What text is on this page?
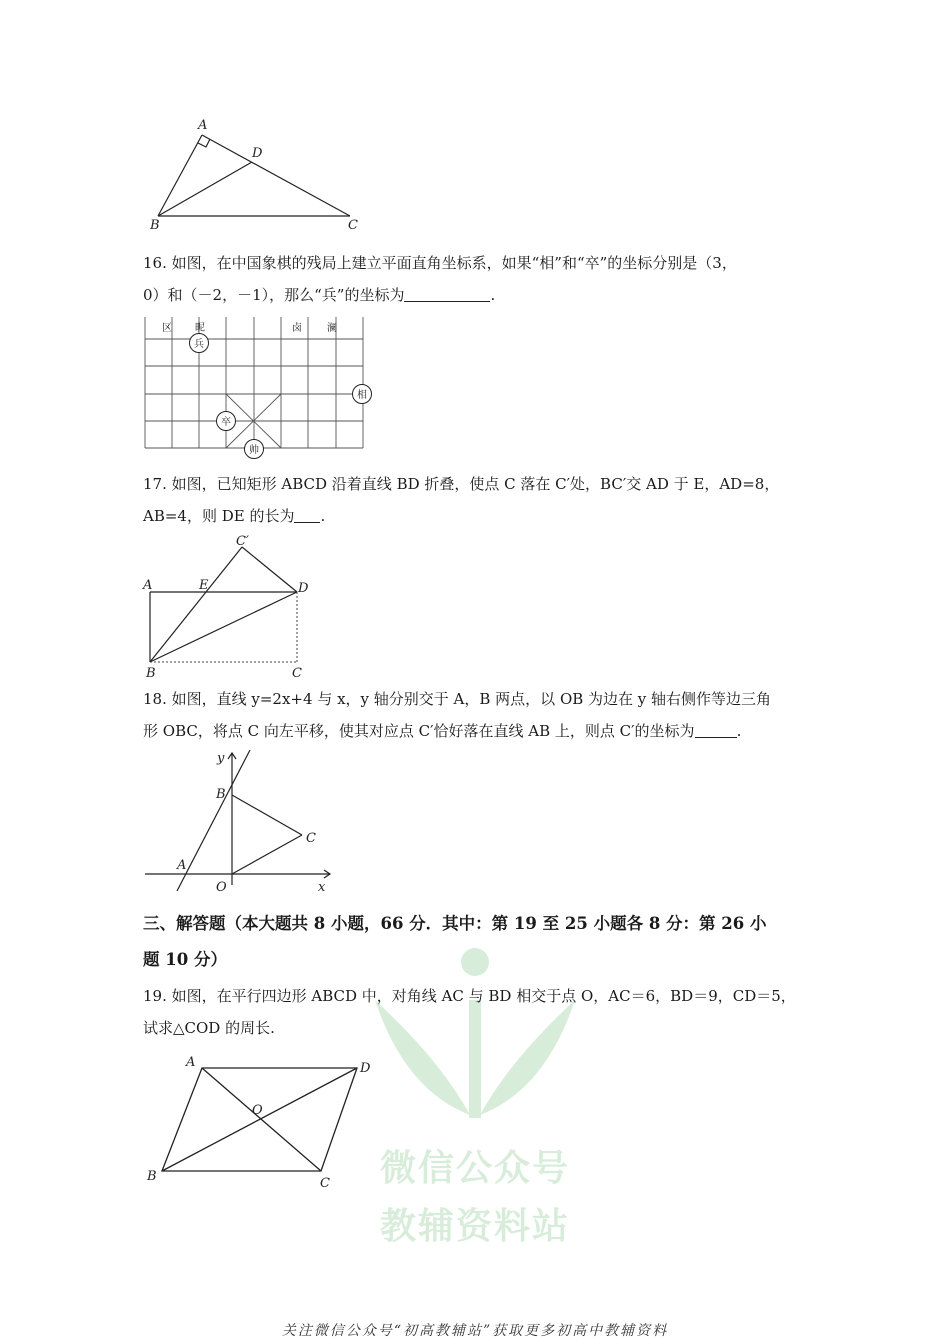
微信公众号
教辅资料站
A
D
B	C
16. 如图，在中国象棋的残局上建立平面直角坐标系，如果“相”和“卒”的坐标分别是（3，
0）和（－2，－1），那么“兵”的坐标为	.
区 昵	卤	澜
兵
相
卒
帅
17. 如图，已知矩形 ABCD 沿着直线 BD 折叠，使点 C 落在 C′处，BC′交 AD 于 E，AD=8，
AB=4，则 DE 的长为 .
C′
A	E	D
B	C
18. 如图，直线 y=2x+4 与 x，y 轴分别交于 A，B 两点，以 OB 为边在 y 轴右侧作等边三角
形 OBC，将点 C 向左平移，使其对应点 C′恰好落在直线 AB 上，则点 C′的坐标为	.
y
B
C
A
O	x
三、解答题（本大题共 8 小题，66 分．其中：第 19 至 25 小题各 8 分：第 26 小
题 10 分）
19. 如图，在平行四边形 ABCD 中，对角线 AC 与 BD 相交于点 O，AC＝6，BD＝9，CD＝5，
试求△COD 的周长.
A	D
O
B	C
关注微信公众号“初高教辅站”获取更多初高中教辅资料
